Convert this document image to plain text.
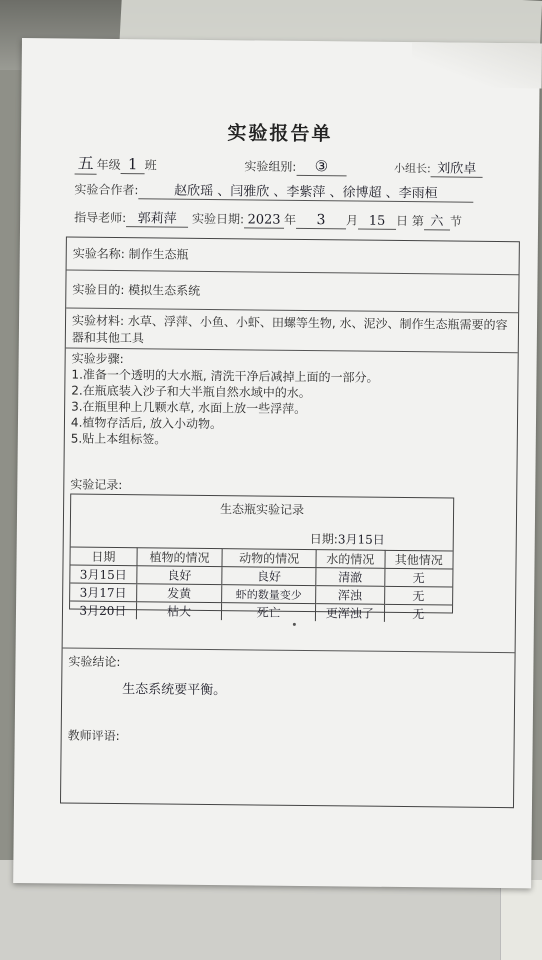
实验报告单
五 年级 1 班	实验组别: ③	小组长: 刘欣卓
实验合作者:	赵欣瑶 、闫雅欣 、李紫萍 、徐博超 、李雨桓
指导老师: 郭莉萍 实验日期: 2023 年 3 月 15 日 第 六 节
实验名称: 制作生态瓶
实验目的: 模拟生态系统
实验材料: 水草、浮萍、小鱼、小虾、田螺等生物, 水、泥沙、制作生态瓶需要的容器和其他工具
实验步骤:
1.准备一个透明的大水瓶, 清洗干净后减掉上面的一部分。
2.在瓶底装入沙子和大半瓶自然水域中的水。
3.在瓶里种上几颗水草, 水面上放一些浮萍。
4.植物存活后, 放入小动物。
5.贴上本组标签。
实验记录:
生态瓶实验记录
日期:3月15日
日期	植物的情况	动物的情况	水的情况	其他情况
3月15日	良好	良好	清澈	无
3月17日	发黄	虾的数量变少	浑浊	无
3月20日	枯大	死亡	更浑浊了	无
实验结论:
生态系统要平衡。
教师评语:
